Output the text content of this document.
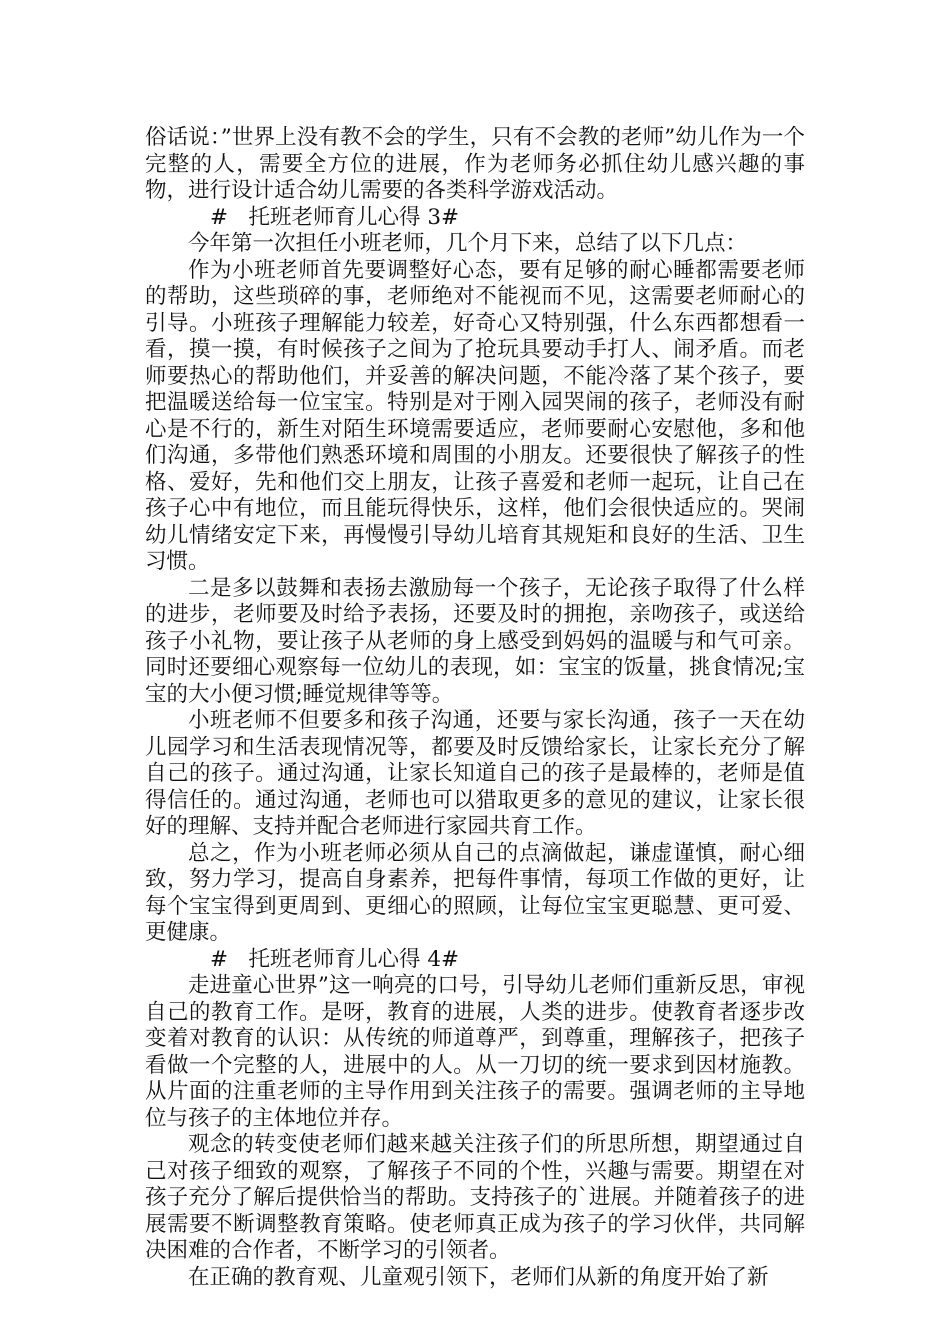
俗话说：”世界上没有教不会的学生，只有不会教的老师”幼儿作为一个完整的人，需要全方位的进展，作为老师务必抓住幼儿感兴趣的事物，进行设计适合幼儿需要的各类科学游戏活动。

#   托班老师育儿心得 3#

今年第一次担任小班老师，几个月下来，总结了以下几点：

作为小班老师首先要调整好心态，要有足够的耐心睡都需要老师的帮助，这些琐碎的事，老师绝对不能视而不见，这需要老师耐心的引导。小班孩子理解能力较差，好奇心又特别强，什么东西都想看一看，摸一摸，有时候孩子之间为了抢玩具要动手打人、闹矛盾。而老师要热心的帮助他们，并妥善的解决问题，不能冷落了某个孩子，要把温暖送给每一位宝宝。特别是对于刚入园哭闹的孩子，老师没有耐心是不行的，新生对陌生环境需要适应，老师要耐心安慰他，多和他们沟通，多带他们熟悉环境和周围的小朋友。还要很快了解孩子的性格、爱好，先和他们交上朋友，让孩子喜爱和老师一起玩，让自己在孩子心中有地位，而且能玩得快乐，这样，他们会很快适应的。哭闹幼儿情绪安定下来，再慢慢引导幼儿培育其规矩和良好的生活、卫生习惯。

二是多以鼓舞和表扬去激励每一个孩子，无论孩子取得了什么样的进步，老师要及时给予表扬，还要及时的拥抱，亲吻孩子，或送给孩子小礼物，要让孩子从老师的身上感受到妈妈的温暖与和气可亲。同时还要细心观察每一位幼儿的表现，如：宝宝的饭量，挑食情况;宝宝的大小便习惯;睡觉规律等等。

小班老师不但要多和孩子沟通，还要与家长沟通，孩子一天在幼儿园学习和生活表现情况等，都要及时反馈给家长，让家长充分了解自己的孩子。通过沟通，让家长知道自己的孩子是最棒的，老师是值得信任的。通过沟通，老师也可以猎取更多的意见的建议，让家长很好的理解、支持并配合老师进行家园共育工作。

总之，作为小班老师必须从自己的点滴做起，谦虚谨慎，耐心细致，努力学习，提高自身素养，把每件事情，每项工作做的更好，让每个宝宝得到更周到、更细心的照顾，让每位宝宝更聪慧、更可爱、更健康。

#   托班老师育儿心得 4#

走进童心世界”这一响亮的口号，引导幼儿老师们重新反思，审视自己的教育工作。是呀，教育的进展，人类的进步。使教育者逐步改变着对教育的认识：从传统的师道尊严，到尊重，理解孩子，把孩子看做一个完整的人，进展中的人。从一刀切的统一要求到因材施教。从片面的注重老师的主导作用到关注孩子的需要。强调老师的主导地位与孩子的主体地位并存。

观念的转变使老师们越来越关注孩子们的所思所想，期望通过自己对孩子细致的观察，了解孩子不同的个性，兴趣与需要。期望在对孩子充分了解后提供恰当的帮助。支持孩子的`进展。并随着孩子的进展需要不断调整教育策略。使老师真正成为孩子的学习伙伴，共同解决困难的合作者，不断学习的引领者。

在正确的教育观、儿童观引领下，老师们从新的角度开始了新
